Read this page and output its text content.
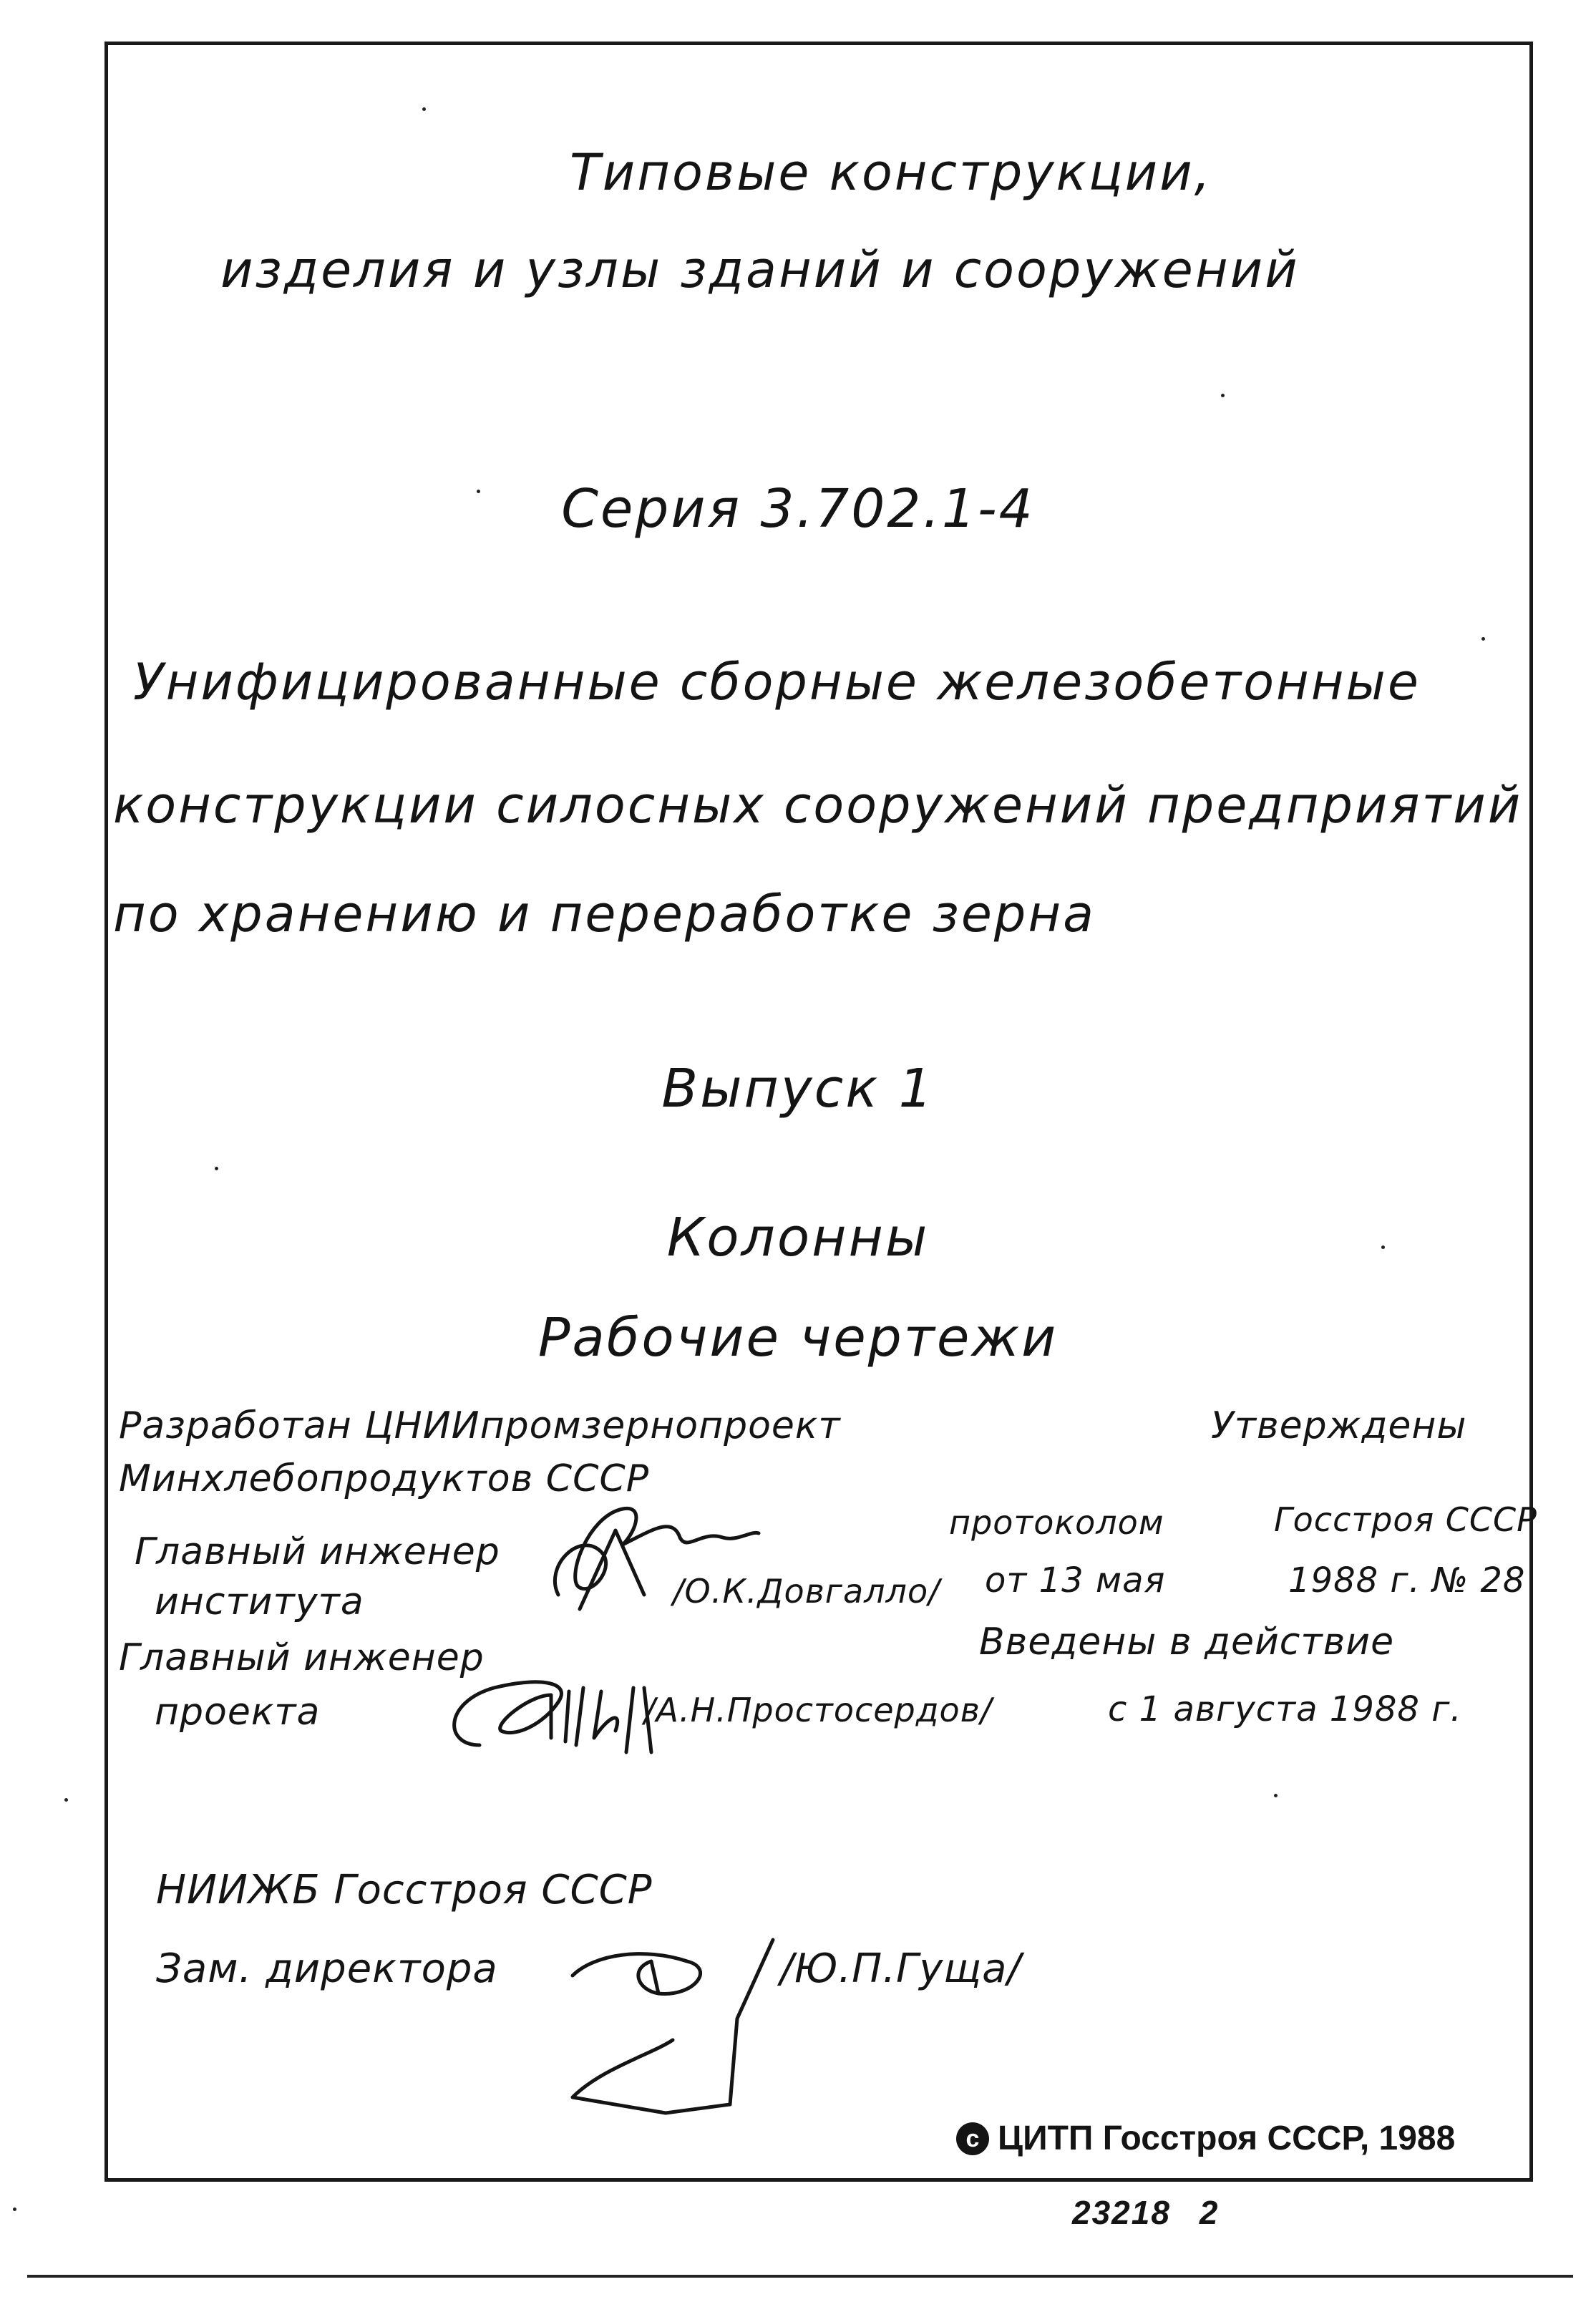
Типовые конструкции,
изделия и узлы зданий и сооружений
Серия 3.702.1-4
Унифицированные сборные железобетонные
конструкции силосных сооружений предприятий
по хранению и переработке зерна
Выпуск 1
Колонны
Рабочие чертежи
Разработан ЦНИИпромзернопроект
Минхлебопродуктов СССР
Главный инженер
института	/О.К.Довгалло/
Главный инженер
проекта	/А.Н.Простосердов/
Утверждены
протоколом	Госстроя СССР
от 13 мая	1988 г. № 28
Введены в действие
с 1 августа 1988 г.
НИИЖБ Госстроя СССР
Зам. директора	/Ю.П.Гуща/
c ЦИТП Госстроя СССР, 1988
23218 2
